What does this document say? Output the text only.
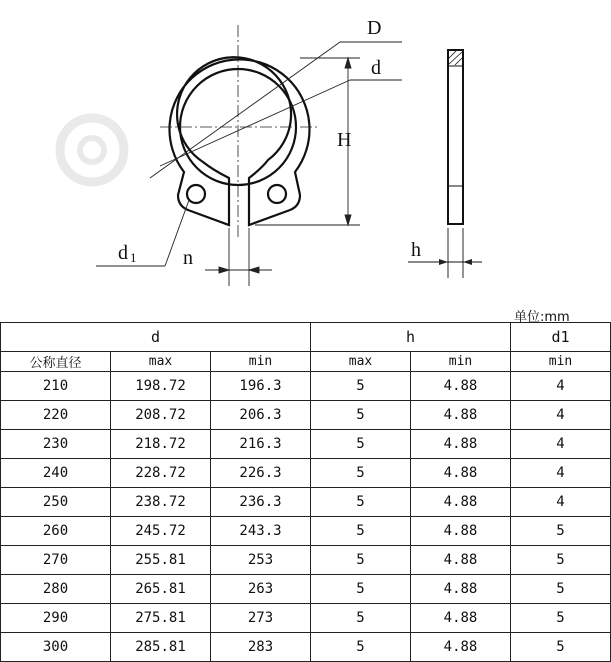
D
d
H
d 1 n	h
单位:mm
d			h		d1
公称直径	max	min	max	min	min
210	198.72	196.3	5	4.88	4
220	208.72	206.3	5	4.88	4
230	218.72	216.3	5	4.88	4
240	228.72	226.3	5	4.88	4
250	238.72	236.3	5	4.88	4
260	245.72	243.3	5	4.88	5
270	255.81	253	5	4.88	5
280	265.81	263	5	4.88	5
290	275.81	273	5	4.88	5
300	285.81	283	5	4.88	5
